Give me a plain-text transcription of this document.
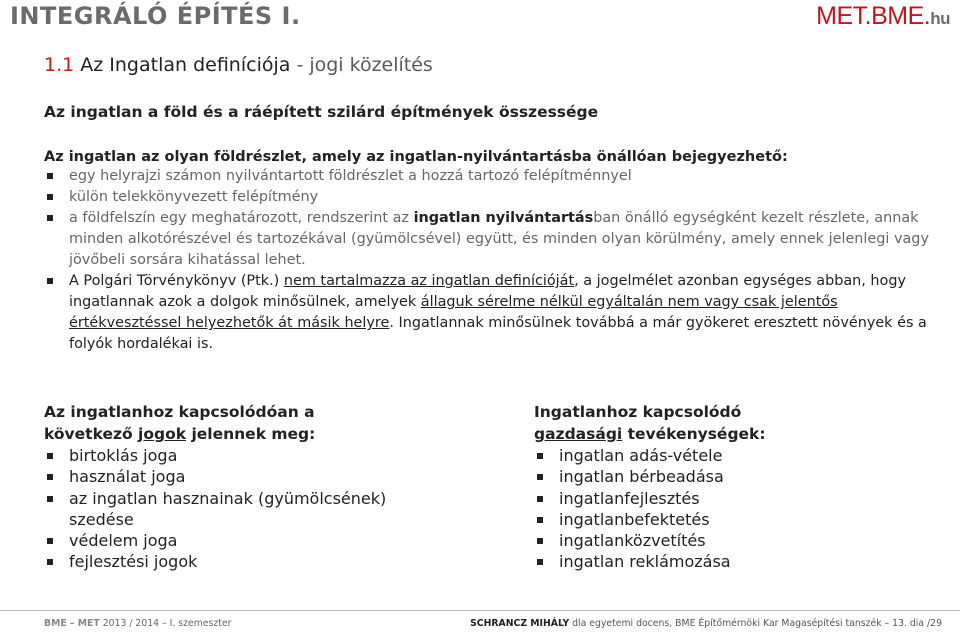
INTEGRÁLÓ ÉPÍTÉS I.	MET.BME.hu
1.1 Az Ingatlan definíciója - jogi közelítés
Az ingatlan a föld és a ráépített szilárd építmények összessége
Az ingatlan az olyan földrészlet, amely az ingatlan-nyilvántartásba önállóan bejegyezhető:
egy helyrajzi számon nyilvántartott földrészlet a hozzá tartozó felépítménnyel
külön telekkönyvezett felépítmény
a földfelszín egy meghatározott, rendszerint az ingatlan nyilvántartásban önálló egységként kezelt részlete, annak minden alkotórészével és tartozékával (gyümölcsével) együtt, és minden olyan körülmény, amely ennek jelenlegi vagy jövőbeli sorsára kihatással lehet.
A Polgári Törvénykönyv (Ptk.) nem tartalmazza az ingatlan definícióját, a jogelmélet azonban egységes abban, hogy ingatlannak azok a dolgok minősülnek, amelyek állaguk sérelme nélkül egyáltalán nem vagy csak jelentős értékvesztéssel helyezhetők át másik helyre. Ingatlannak minősülnek továbbá a már gyökeret eresztett növények és a folyók hordalékai is.
Az ingatlanhoz kapcsolódóan a
következő jogok jelennek meg:
birtoklás joga
használat joga
az ingatlan hasznainak (gyümölcsének) szedése
védelem joga
fejlesztési jogok
Ingatlanhoz kapcsolódó
gazdasági tevékenységek:
ingatlan adás-vétele
ingatlan bérbeadása
ingatlanfejlesztés
ingatlanbefektetés
ingatlanközvetítés
ingatlan reklámozása
BME – MET 2013 / 2014 – I. szemeszter	SCHRANCZ MIHÁLY dla egyetemi docens, BME Építőmérnöki Kar Magasépítési tanszék – 13. dia /29
